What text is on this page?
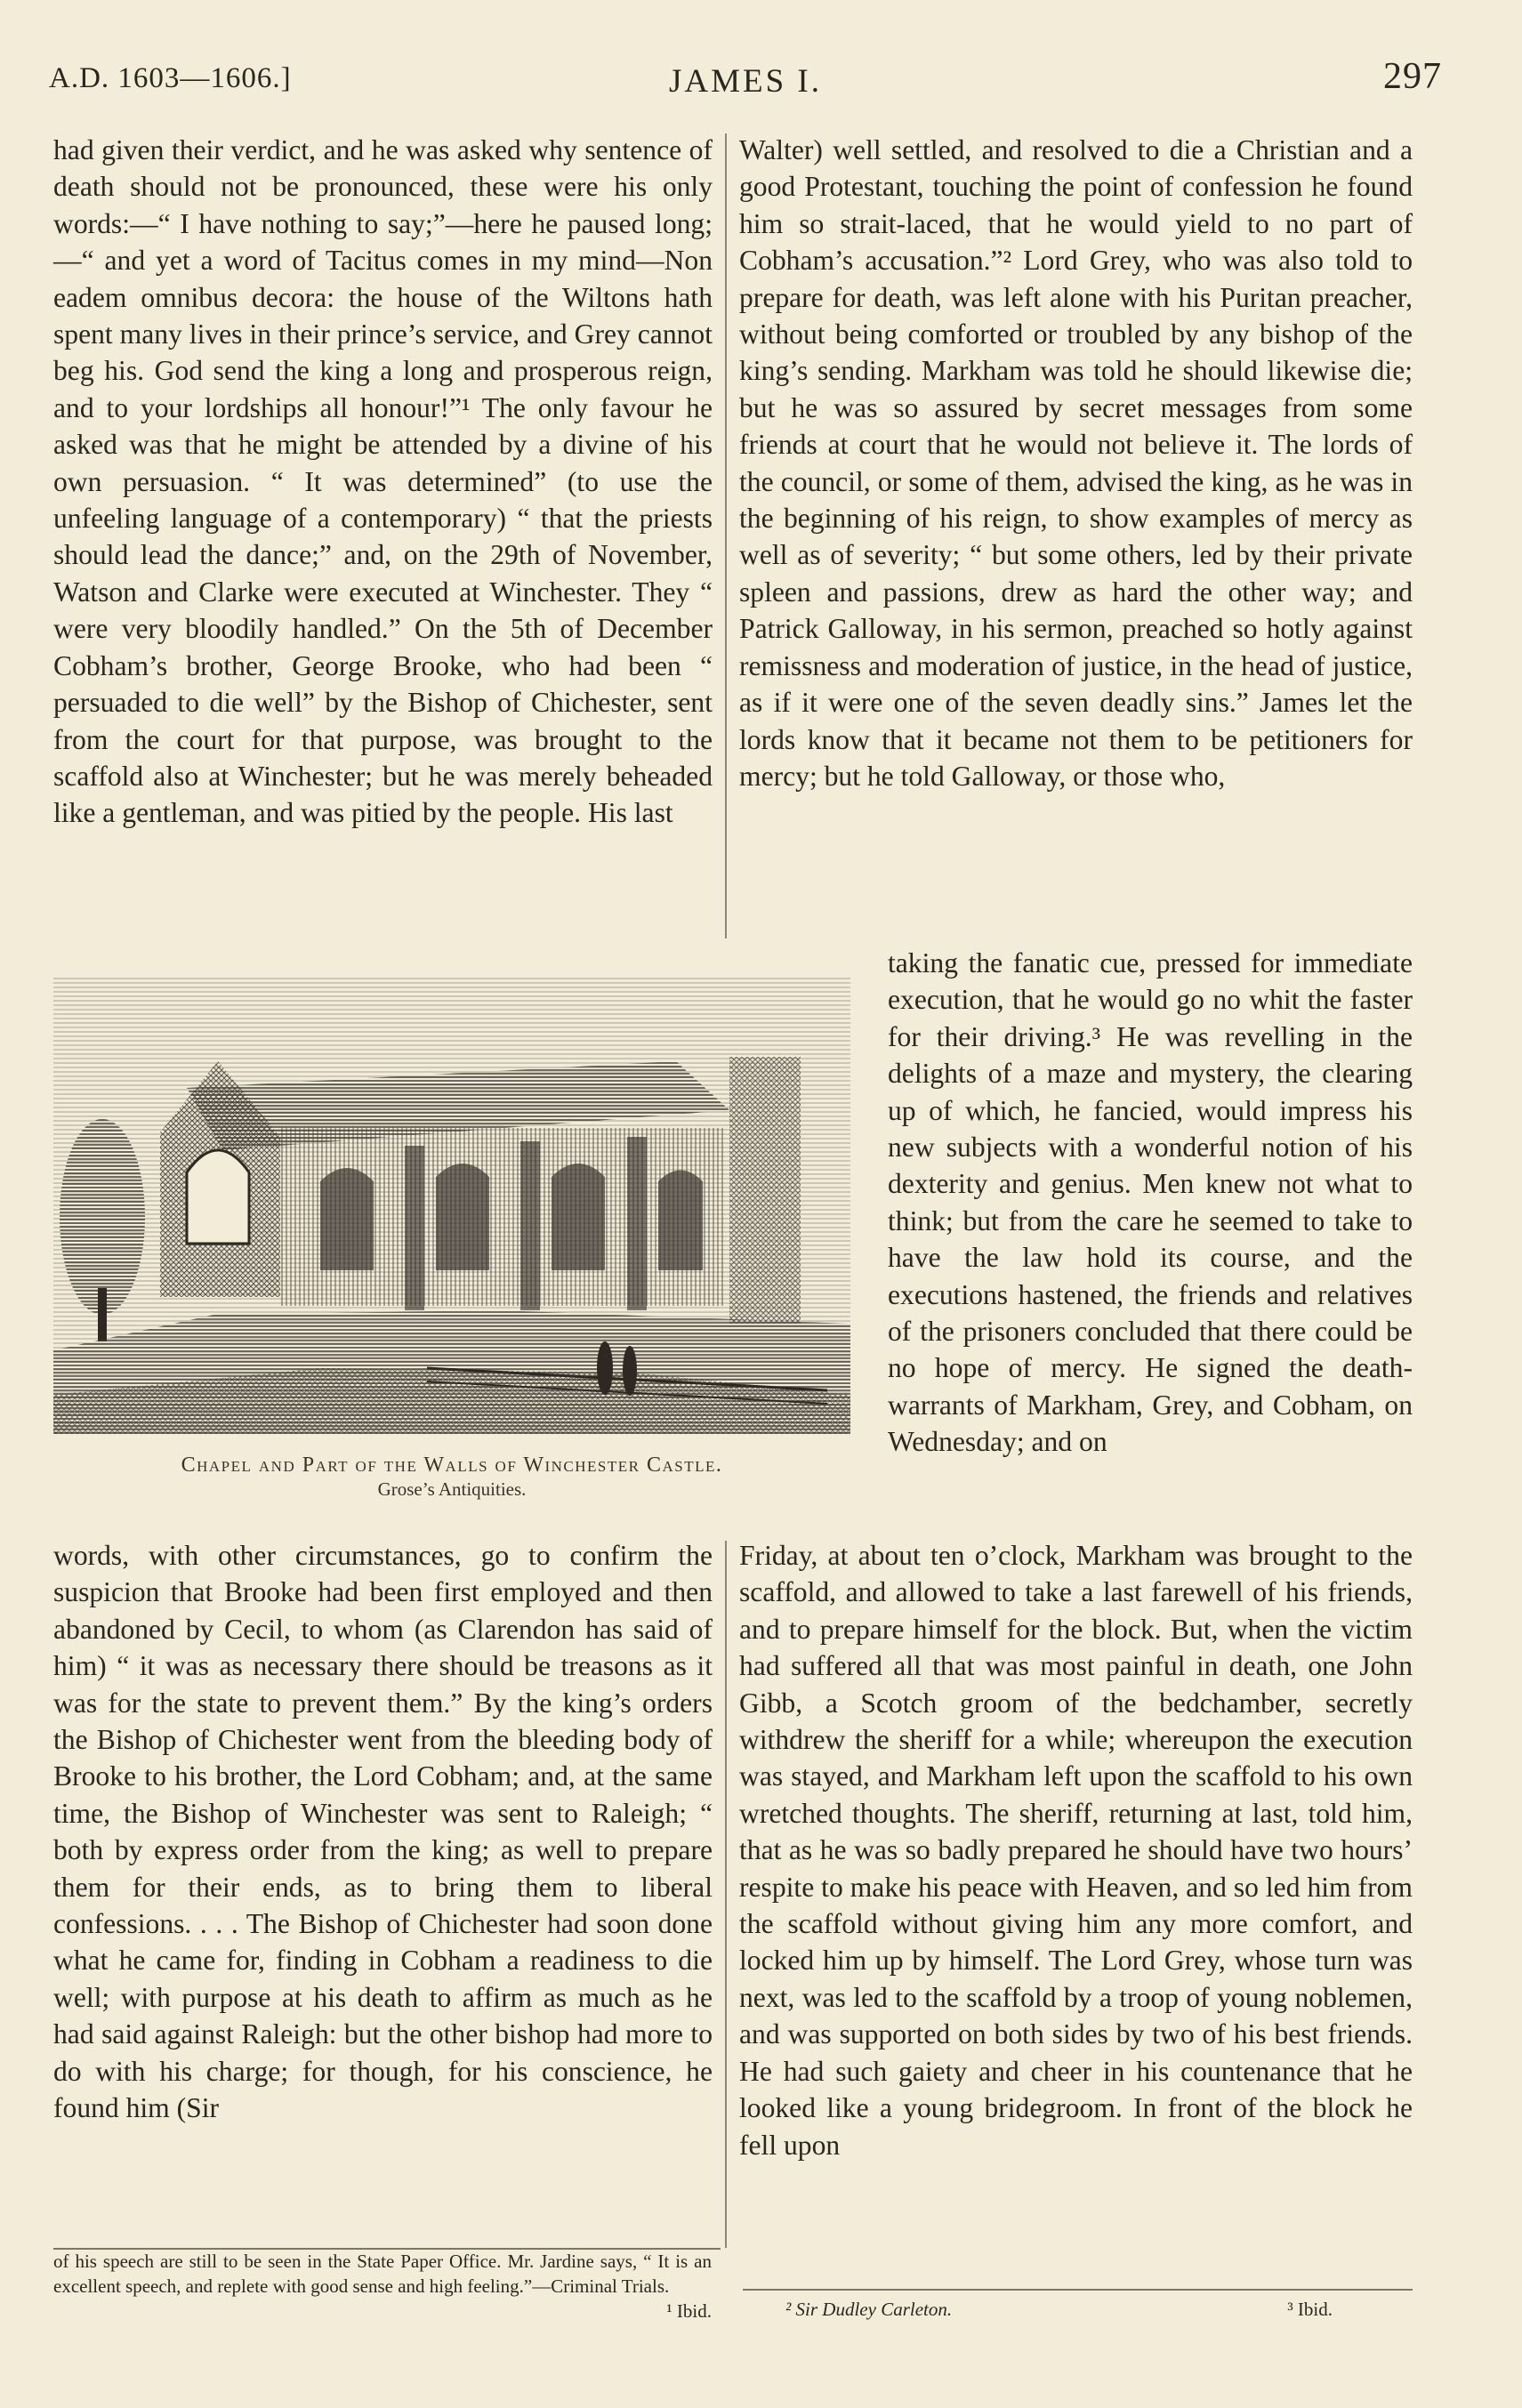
A.D. 1603—1606.]	JAMES I.	297

had given their verdict, and he was asked why sentence of death should not be pronounced, these were his only words:—“ I have nothing to say;”—here he paused long;—“ and yet a word of Tacitus comes in my mind—Non eadem omnibus decora: the house of the Wiltons hath spent many lives in their prince’s service, and Grey cannot beg his. God send the king a long and prosperous reign, and to your lordships all honour!”¹ The only favour he asked was that he might be attended by a divine of his own persuasion. “ It was determined” (to use the unfeeling language of a contemporary) “ that the priests should lead the dance;” and, on the 29th of November, Watson and Clarke were executed at Winchester. They “ were very bloodily handled.” On the 5th of December Cobham’s brother, George Brooke, who had been “ persuaded to die well” by the Bishop of Chichester, sent from the court for that purpose, was brought to the scaffold also at Winchester; but he was merely beheaded like a gentleman, and was pitied by the people. His last

Walter) well settled, and resolved to die a Christian and a good Protestant, touching the point of confession he found him so strait-laced, that he would yield to no part of Cobham’s accusation.”² Lord Grey, who was also told to prepare for death, was left alone with his Puritan preacher, without being comforted or troubled by any bishop of the king’s sending. Markham was told he should likewise die; but he was so assured by secret messages from some friends at court that he would not believe it. The lords of the council, or some of them, advised the king, as he was in the beginning of his reign, to show examples of mercy as well as of severity; “ but some others, led by their private spleen and passions, drew as hard the other way; and Patrick Galloway, in his sermon, preached so hotly against remissness and moderation of justice, in the head of justice, as if it were one of the seven deadly sins.” James let the lords know that it became not them to be petitioners for mercy; but he told Galloway, or those who,

Chapel and Part of the Walls of Winchester Castle.
Grose’s Antiquities.

taking the fanatic cue, pressed for immediate execution, that he would go no whit the faster for their driving.³ He was revelling in the delights of a maze and mystery, the clearing up of which, he fancied, would impress his new subjects with a wonderful notion of his dexterity and genius. Men knew not what to think; but from the care he seemed to take to have the law hold its course, and the executions hastened, the friends and relatives of the prisoners concluded that there could be no hope of mercy. He signed the death-warrants of Markham, Grey, and Cobham, on Wednesday; and on

words, with other circumstances, go to confirm the suspicion that Brooke had been first employed and then abandoned by Cecil, to whom (as Clarendon has said of him) “ it was as necessary there should be treasons as it was for the state to prevent them.” By the king’s orders the Bishop of Chichester went from the bleeding body of Brooke to his brother, the Lord Cobham; and, at the same time, the Bishop of Winchester was sent to Raleigh; “ both by express order from the king; as well to prepare them for their ends, as to bring them to liberal confessions. . . . The Bishop of Chichester had soon done what he came for, finding in Cobham a readiness to die well; with purpose at his death to affirm as much as he had said against Raleigh: but the other bishop had more to do with his charge; for though, for his conscience, he found him (Sir

Friday, at about ten o’clock, Markham was brought to the scaffold, and allowed to take a last farewell of his friends, and to prepare himself for the block. But, when the victim had suffered all that was most painful in death, one John Gibb, a Scotch groom of the bedchamber, secretly withdrew the sheriff for a while; whereupon the execution was stayed, and Markham left upon the scaffold to his own wretched thoughts. The sheriff, returning at last, told him, that as he was so badly prepared he should have two hours’ respite to make his peace with Heaven, and so led him from the scaffold without giving him any more comfort, and locked him up by himself. The Lord Grey, whose turn was next, was led to the scaffold by a troop of young noblemen, and was supported on both sides by two of his best friends. He had such gaiety and cheer in his countenance that he looked like a young bridegroom. In front of the block he fell upon

of his speech are still to be seen in the State Paper Office. Mr. Jardine says, “ It is an excellent speech, and replete with good sense and high feeling.”—Criminal Trials.
¹ Ibid.	² Sir Dudley Carleton.	³ Ibid.
